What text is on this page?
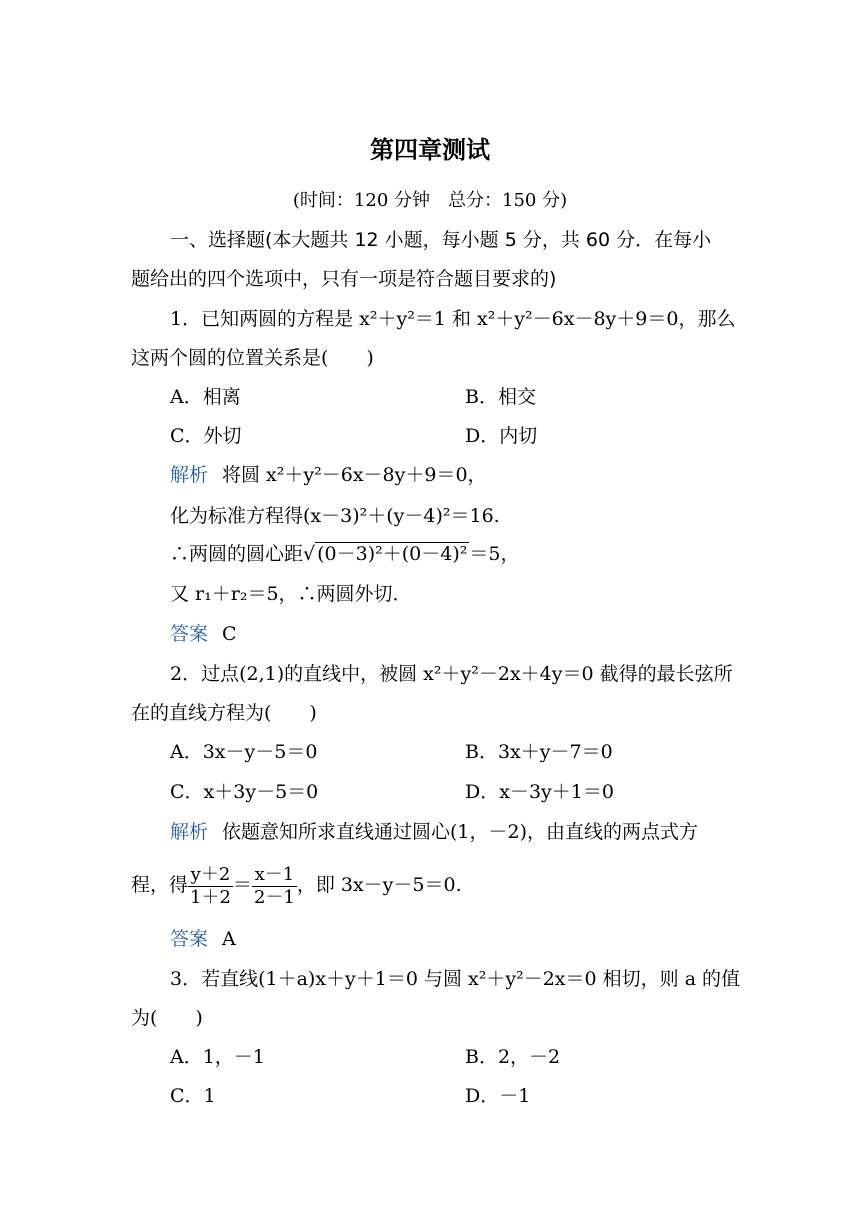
第四章测试
(时间：120 分钟　总分：150 分)
一、选择题(本大题共 12 小题，每小题 5 分，共 60 分．在每小
题给出的四个选项中，只有一项是符合题目要求的)
1．已知两圆的方程是 x²＋y²＝1 和 x²＋y²－6x－8y＋9＝0，那么
这两个圆的位置关系是(　　)
A．相离	B．相交
C．外切	D．内切
解析 将圆 x²＋y²－6x－8y＋9＝0，
化为标准方程得(x－3)²＋(y－4)²＝16.
∴两圆的圆心距√ (0－3)²＋(0－4)² ＝5，
又 r₁＋r₂＝5，∴两圆外切．
答案 C
2．过点(2,1)的直线中，被圆 x²＋y²－2x＋4y＝0 截得的最长弦所
在的直线方程为(　　)
A．3x－y－5＝0	B．3x＋y－7＝0
C．x＋3y－5＝0	D．x－3y＋1＝0
解析 依题意知所求直线通过圆心(1，－2)，由直线的两点式方
程，得 $\frac{y+2}{1+2} = \frac{x-1}{2-1}$ ，即 3x－y－5＝0.
答案 A
3．若直线(1＋a)x＋y＋1＝0 与圆 x²＋y²－2x＝0 相切，则 a 的值
为(　　)
A．1，－1	B．2，－2
C．1	D．－1
